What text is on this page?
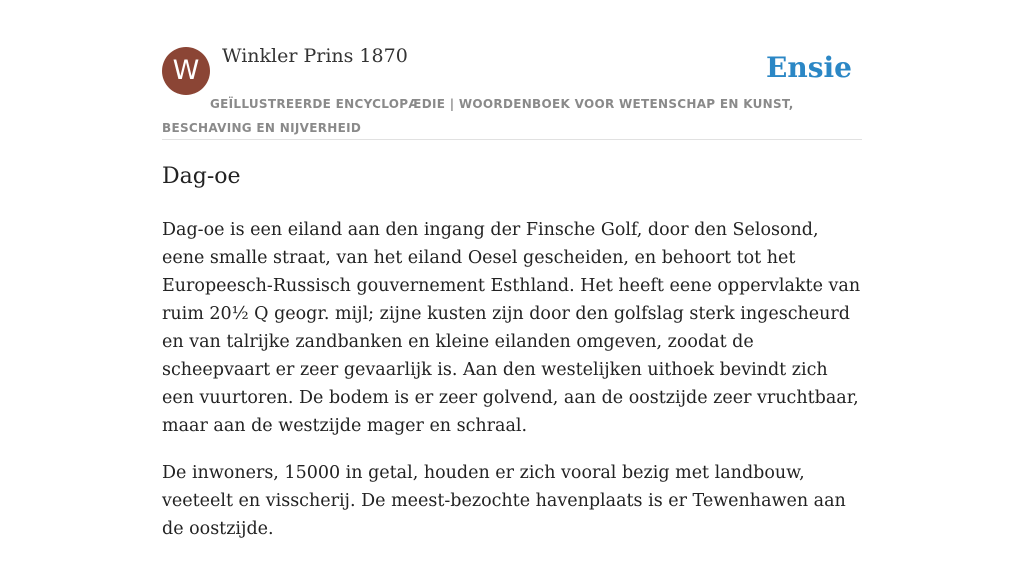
W	Winkler Prins 1870	Ensie
GEÏLLUSTREERDE ENCYCLOPÆDIE | WOORDENBOEK VOOR WETENSCHAP EN KUNST, BESCHAVING EN NIJVERHEID
Dag-oe

Dag-oe is een eiland aan den ingang der Finsche Golf, door den Selosond, eene smalle straat, van het eiland Oesel gescheiden, en behoort tot het Europeesch-Russisch gouvernement Esthland. Het heeft eene oppervlakte van ruim 20½ Q geogr. mijl; zijne kusten zijn door den golfslag sterk ingescheurd en van talrijke zandbanken en kleine eilanden omgeven, zoodat de scheepvaart er zeer gevaarlijk is. Aan den westelijken uithoek bevindt zich een vuurtoren. De bodem is er zeer golvend, aan de oostzijde zeer vruchtbaar, maar aan de westzijde mager en schraal.

De inwoners, 15000 in getal, houden er zich vooral bezig met landbouw, veeteelt en visscherij. De meest-bezochte havenplaats is er Tewenhawen aan de oostzijde.
